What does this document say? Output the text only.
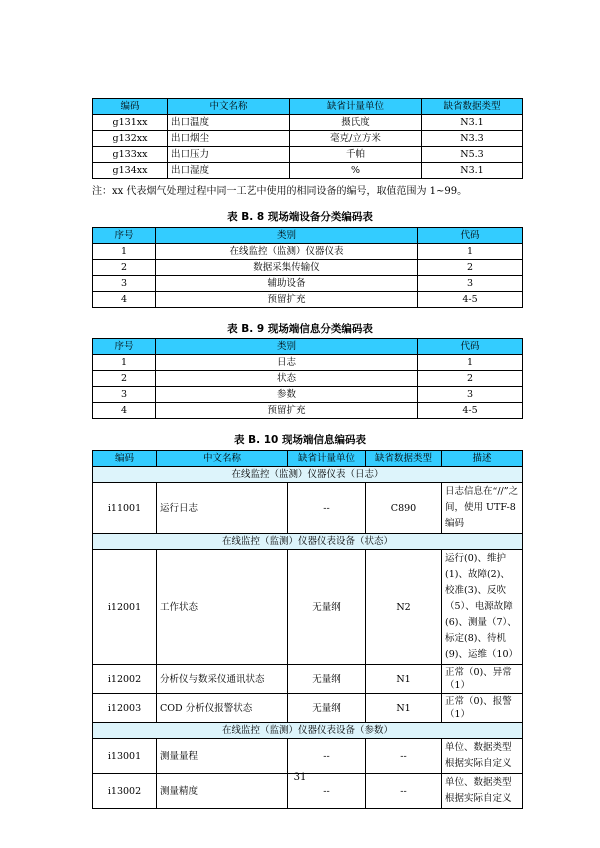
编码	中文名称	缺省计量单位	缺省数据类型
g131xx	出口温度	摄氏度	N3.1
g132xx	出口烟尘	毫克/立方米	N3.3
g133xx	出口压力	千帕	N5.3
g134xx	出口湿度	%	N3.1
注：xx 代表烟气处理过程中同一工艺中使用的相同设备的编号，取值范围为 1~99。
表 B. 8 现场端设备分类编码表
序号	类别	代码
1	在线监控（监测）仪器仪表	1
2	数据采集传输仪	2
3	辅助设备	3
4	预留扩充	4-5
表 B. 9 现场端信息分类编码表
序号	类别	代码
1	日志	1
2	状态	2
3	参数	3
4	预留扩充	4-5
表 B. 10 现场端信息编码表
编码	中文名称	缺省计量单位	缺省数据类型	描述
在线监控（监测）仪器仪表（日志）				
i11001	运行日志	--	C890	日志信息在“//”之间，使用 UTF-8 编码
在线监控（监测）仪器仪表设备（状态）				
i12001	工作状态	无量纲	N2	运行(0)、维护(1)、故障(2)、校准(3)、反吹（5）、电源故障(6)、测量（7）、标定(8)、待机(9)、运维（10）
i12002	分析仪与数采仪通讯状态	无量纲	N1	正常（0)、异常（1）
i12003	COD 分析仪报警状态	无量纲	N1	正常（0)、报警（1）
在线监控（监测）仪器仪表设备（参数）				
i13001	测量量程	--	--	单位、数据类型根据实际自定义
i13002	测量精度	--	--	单位、数据类型根据实际自定义
31
